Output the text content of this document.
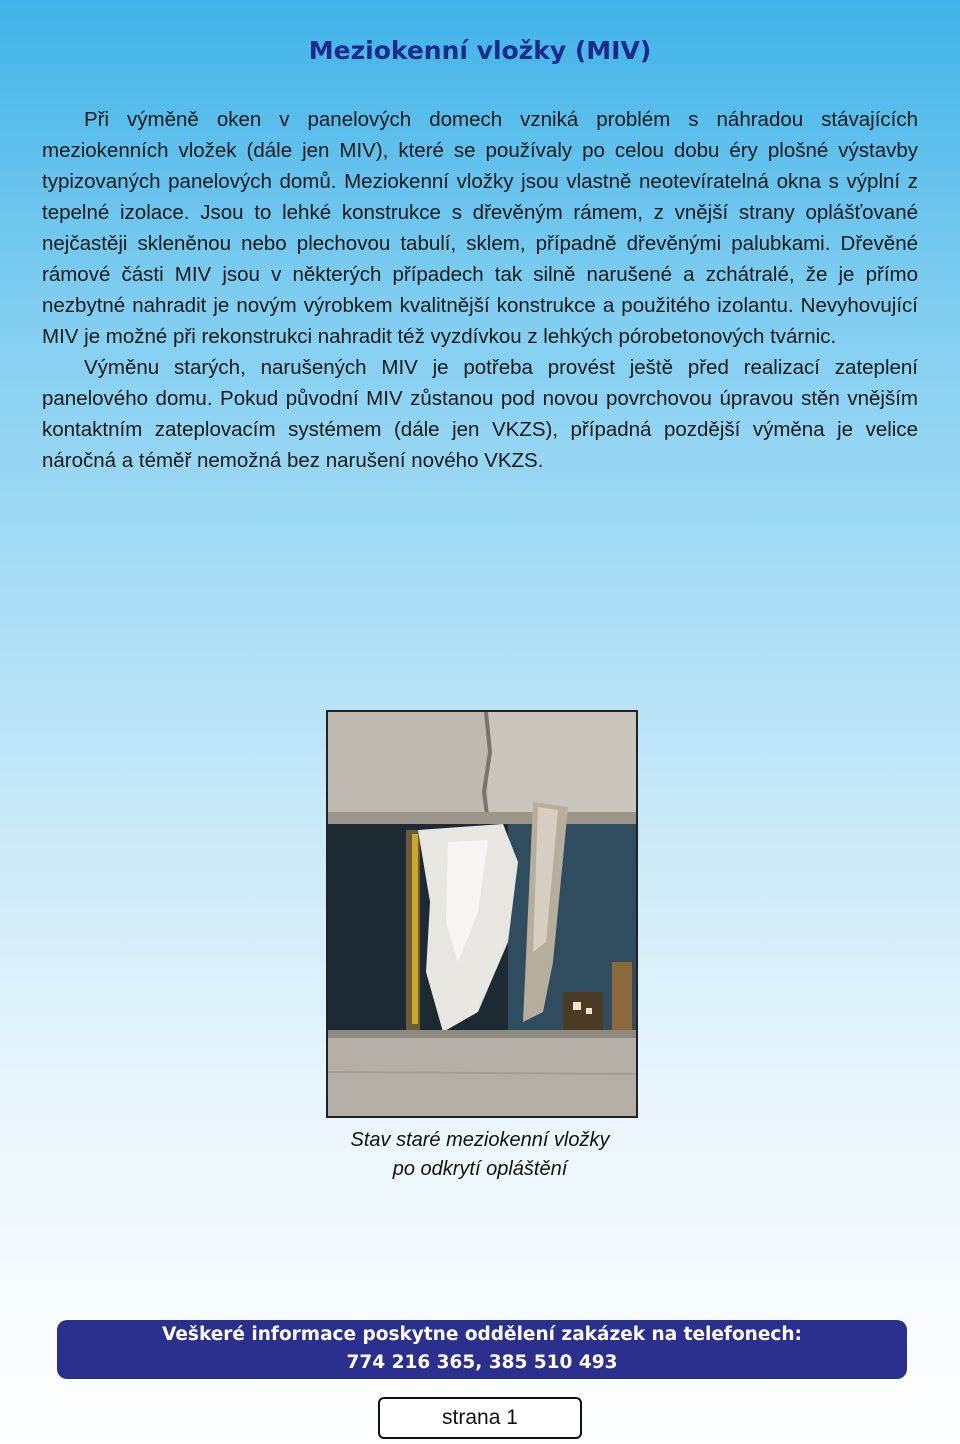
Meziokenní vložky (MIV)

Při výměně oken v panelových domech vzniká problém s náhradou stávajících meziokenních vložek (dále jen MIV), které se používaly po celou dobu éry plošné výstavby typizovaných panelových domů. Meziokenní vložky jsou vlastně neotevíratelná okna s výplní z tepelné izolace. Jsou to lehké konstrukce s dřevěným rámem, z vnější strany oplášťované nejčastěji skleněnou nebo plechovou tabulí, sklem, případně dřevěnými palubkami. Dřevěné rámové části MIV jsou v některých případech tak silně narušené a zchátralé, že je přímo nezbytné nahradit je novým výrobkem kvalitnější konstrukce a použitého izolantu. Nevyhovující MIV je možné při rekonstrukci nahradit též vyzdívkou z lehkých pórobetonových tvárnic.

Výměnu starých, narušených MIV je potřeba provést ještě před realizací zateplení panelového domu. Pokud původní MIV zůstanou pod novou povrchovou úpravou stěn vnějším kontaktním zateplovacím systémem (dále jen VKZS), případná pozdější výměna je velice náročná a téměř nemožná bez narušení nového VKZS.

Stav staré meziokenní vložky
po odkrytí opláštění
Veškeré informace poskytne oddělení zakázek na telefonech:
774 216 365, 385 510 493
strana 1
